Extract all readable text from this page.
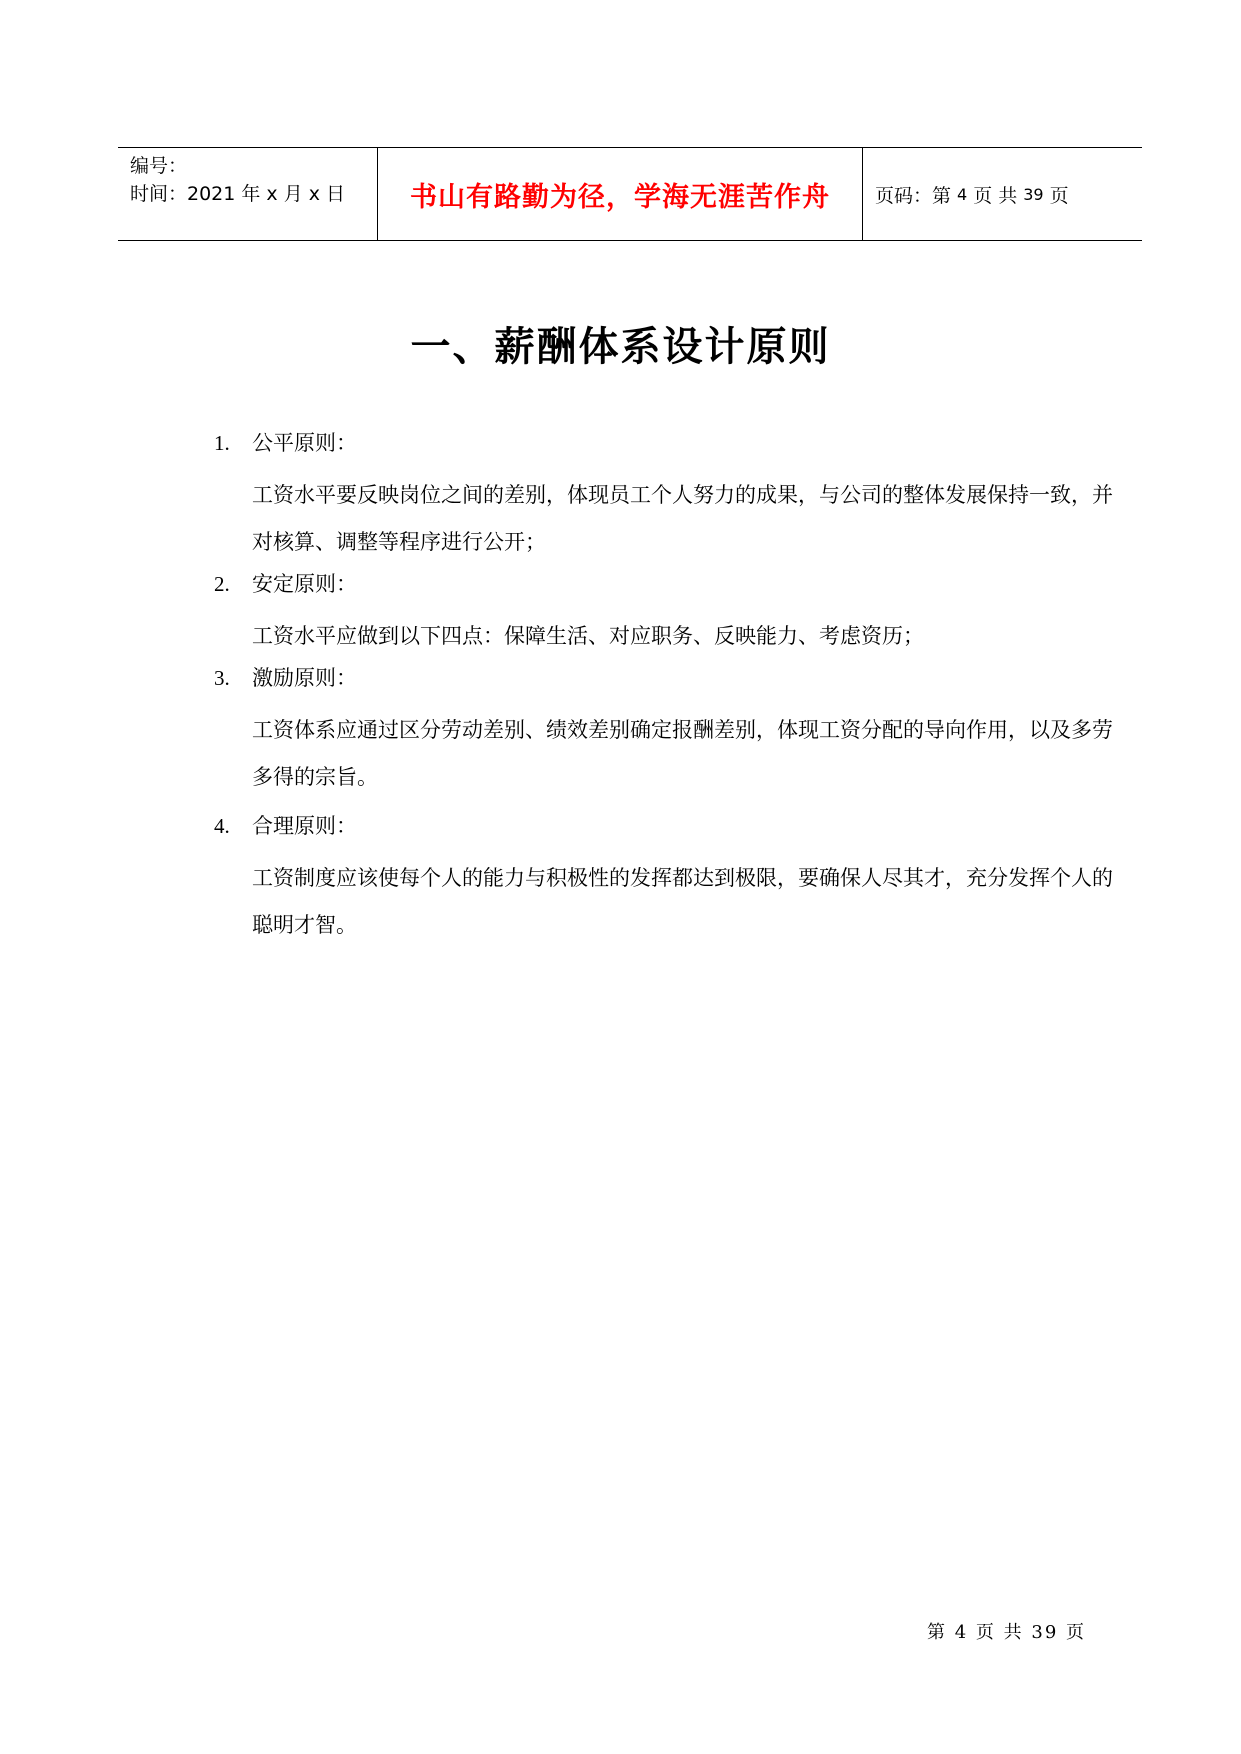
编号：
时间：2021 年 x 月 x 日	书山有路勤为径，学海无涯苦作舟	页码：第 4 页 共 39 页
一、薪酬体系设计原则
1.	公平原则：
工资水平要反映岗位之间的差别，体现员工个人努力的成果，与公司的整体发展保持一致，并对核算、调整等程序进行公开；
2.	安定原则：
工资水平应做到以下四点：保障生活、对应职务、反映能力、考虑资历；
3.	激励原则：
工资体系应通过区分劳动差别、绩效差别确定报酬差别，体现工资分配的导向作用，以及多劳多得的宗旨。
4.	合理原则：
工资制度应该使每个人的能力与积极性的发挥都达到极限，要确保人尽其才，充分发挥个人的聪明才智。
第 4 页 共 39 页
